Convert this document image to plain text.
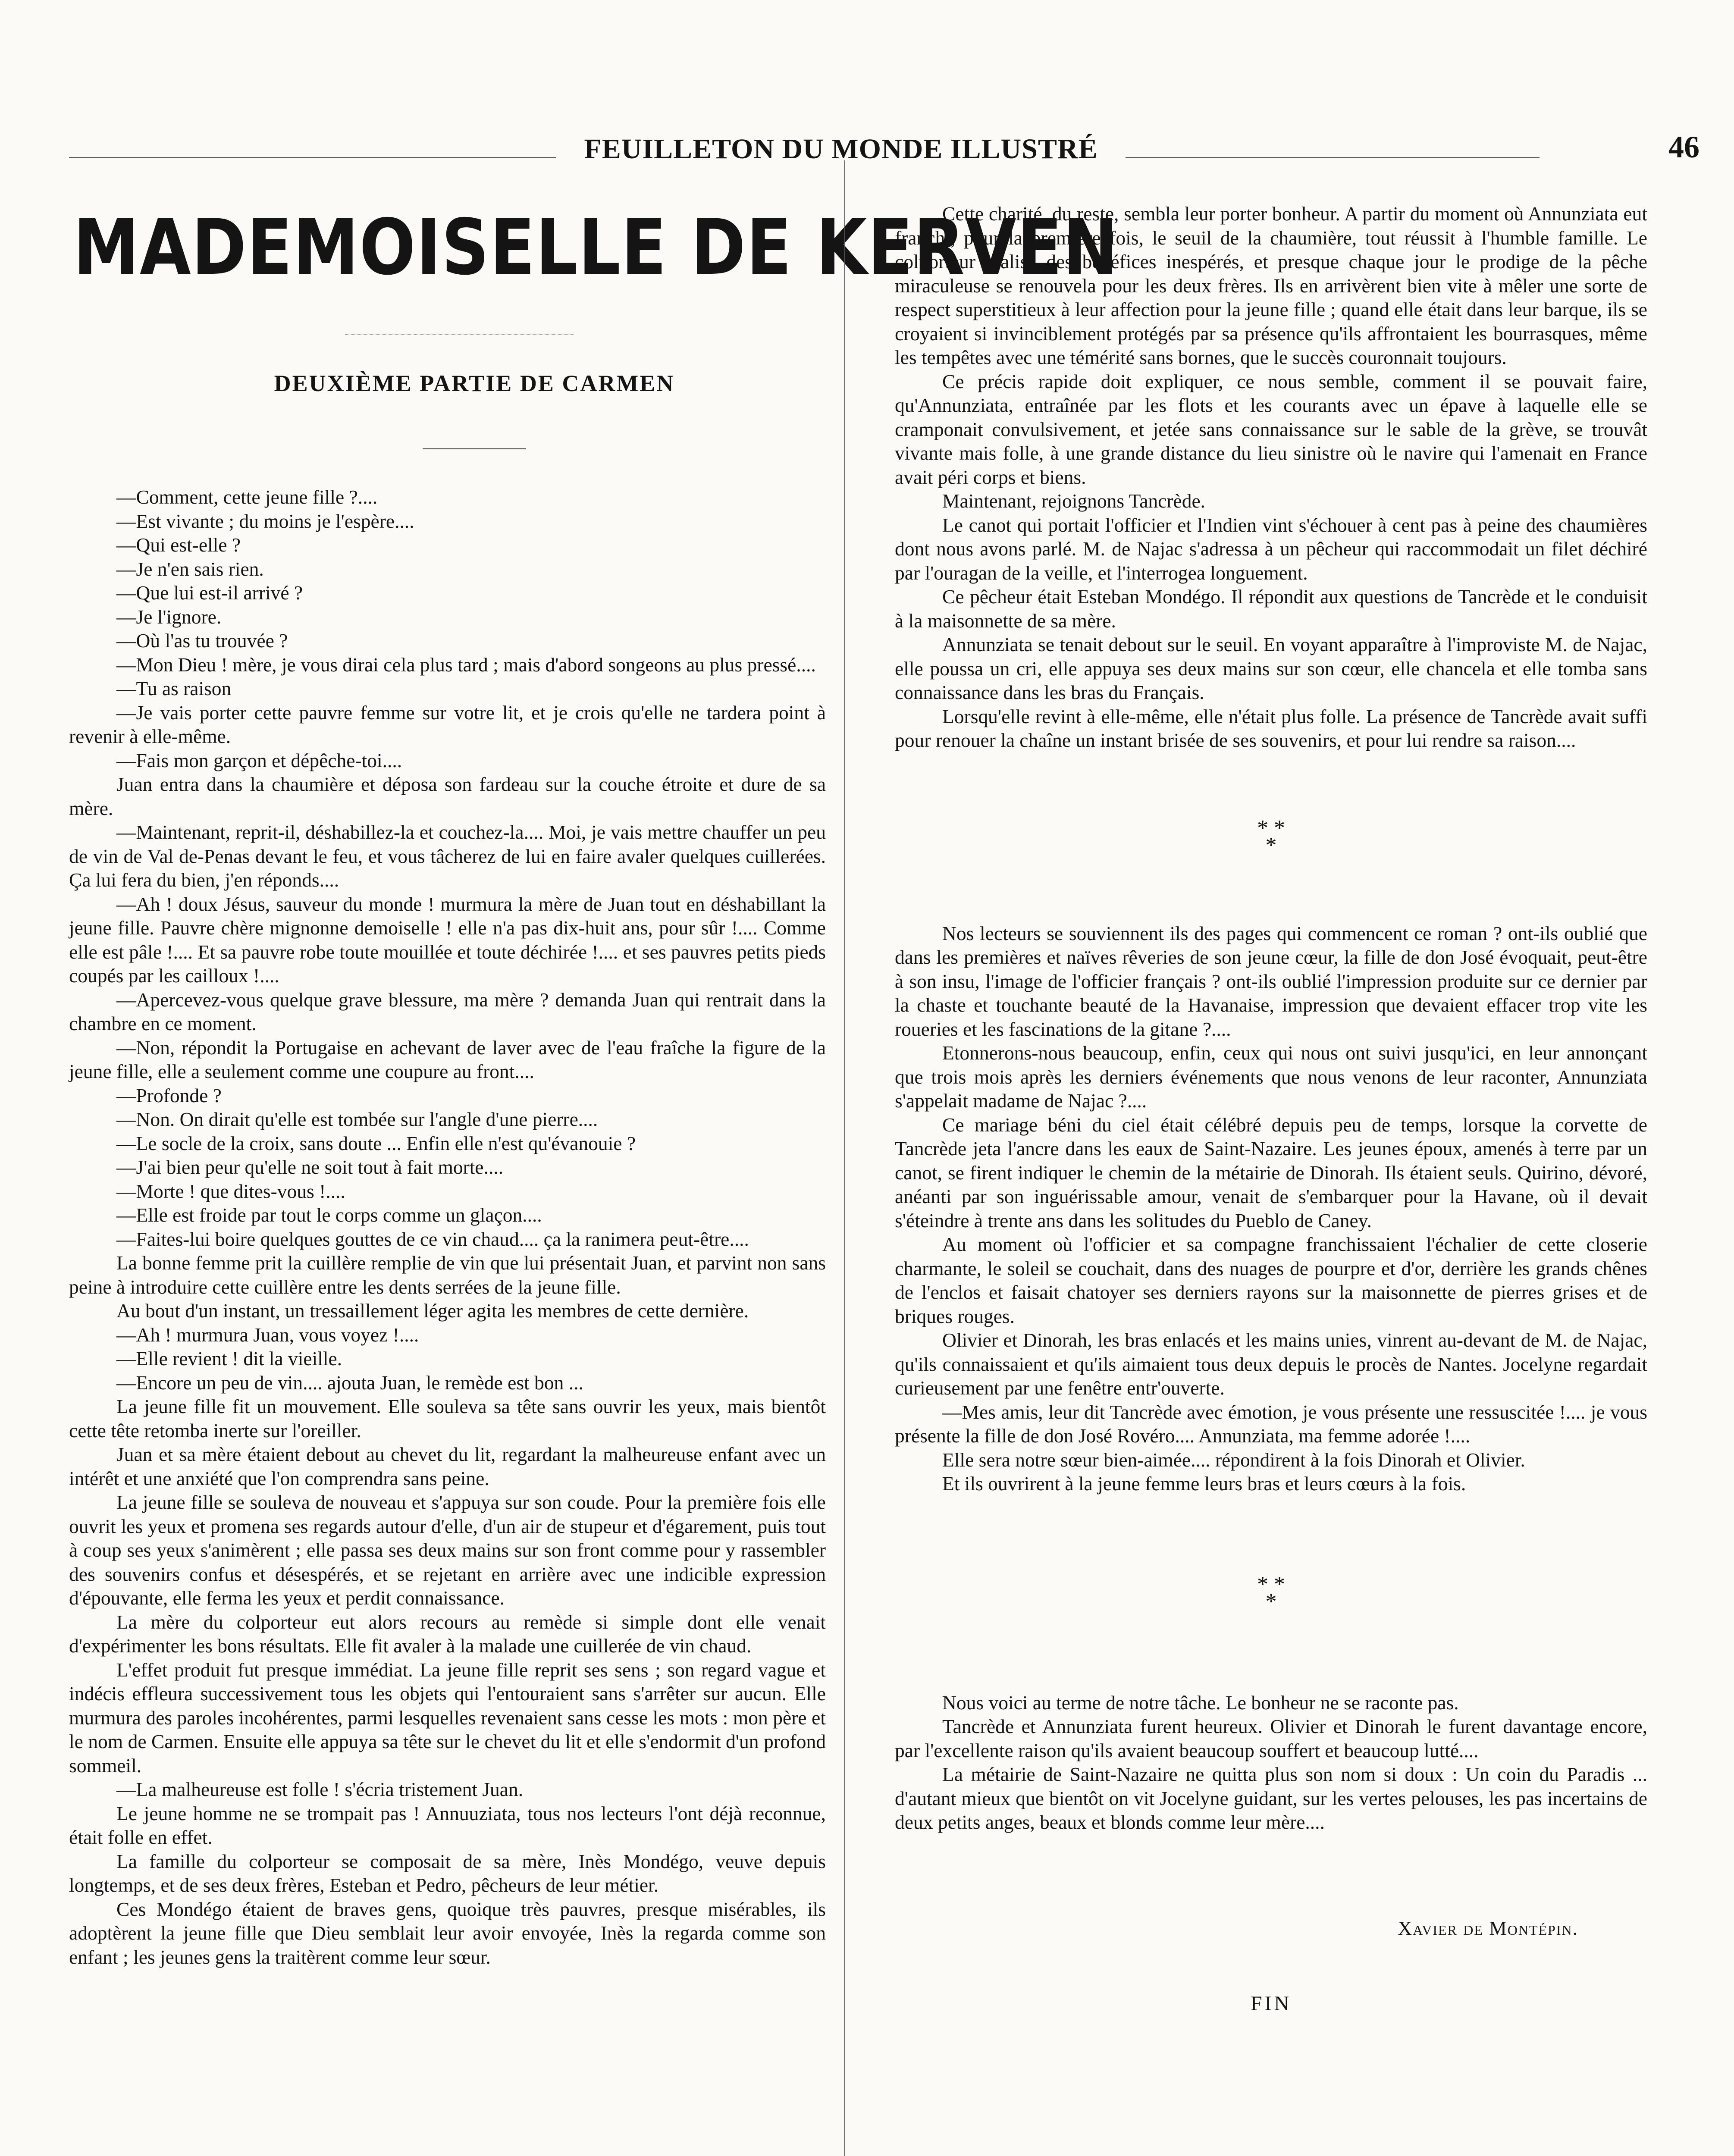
FEUILLETON DU MONDE ILLUSTRÉ	46
MADEMOISELLE DE KERVEN
DEUXIÈME PARTIE DE CARMEN

—Comment, cette jeune fille ?....

—Est vivante ; du moins je l'espère....

—Qui est-elle ?

—Je n'en sais rien.

—Que lui est-il arrivé ?

—Je l'ignore.

—Où l'as tu trouvée ?

—Mon Dieu ! mère, je vous dirai cela plus tard ; mais d'abord songeons au plus pressé....

—Tu as raison

—Je vais porter cette pauvre femme sur votre lit, et je crois qu'elle ne tardera point à revenir à elle-même.

—Fais mon garçon et dépêche-toi....

Juan entra dans la chaumière et déposa son fardeau sur la couche étroite et dure de sa mère.

—Maintenant, reprit-il, déshabillez-la et couchez-la.... Moi, je vais mettre chauffer un peu de vin de Val de-Penas devant le feu, et vous tâcherez de lui en faire avaler quelques cuillerées. Ça lui fera du bien, j'en réponds....

—Ah ! doux Jésus, sauveur du monde ! murmura la mère de Juan tout en déshabillant la jeune fille. Pauvre chère mignonne demoiselle ! elle n'a pas dix-huit ans, pour sûr !.... Comme elle est pâle !.... Et sa pauvre robe toute mouillée et toute déchirée !.... et ses pauvres petits pieds coupés par les cailloux !....

—Apercevez-vous quelque grave blessure, ma mère ? demanda Juan qui rentrait dans la chambre en ce moment.

—Non, répondit la Portugaise en achevant de laver avec de l'eau fraîche la figure de la jeune fille, elle a seulement comme une coupure au front....

—Profonde ?

—Non. On dirait qu'elle est tombée sur l'angle d'une pierre....

—Le socle de la croix, sans doute ... Enfin elle n'est qu'évanouie ?

—J'ai bien peur qu'elle ne soit tout à fait morte....

—Morte ! que dites-vous !....

—Elle est froide par tout le corps comme un glaçon....

—Faites-lui boire quelques gouttes de ce vin chaud.... ça la ranimera peut-être....

La bonne femme prit la cuillère remplie de vin que lui présentait Juan, et parvint non sans peine à introduire cette cuillère entre les dents serrées de la jeune fille.

Au bout d'un instant, un tressaillement léger agita les membres de cette dernière.

—Ah ! murmura Juan, vous voyez !....

—Elle revient ! dit la vieille.

—Encore un peu de vin.... ajouta Juan, le remède est bon ...

La jeune fille fit un mouvement. Elle souleva sa tête sans ouvrir les yeux, mais bientôt cette tête retomba inerte sur l'oreiller.

Juan et sa mère étaient debout au chevet du lit, regardant la malheureuse enfant avec un intérêt et une anxiété que l'on comprendra sans peine.

La jeune fille se souleva de nouveau et s'appuya sur son coude. Pour la première fois elle ouvrit les yeux et promena ses regards autour d'elle, d'un air de stupeur et d'égarement, puis tout à coup ses yeux s'animèrent ; elle passa ses deux mains sur son front comme pour y rassembler des souvenirs confus et désespérés, et se rejetant en arrière avec une indicible expression d'épouvante, elle ferma les yeux et perdit connaissance.

La mère du colporteur eut alors recours au remède si simple dont elle venait d'expérimenter les bons résultats. Elle fit avaler à la malade une cuillerée de vin chaud.

L'effet produit fut presque immédiat. La jeune fille reprit ses sens ; son regard vague et indécis effleura successivement tous les objets qui l'entouraient sans s'arrêter sur aucun. Elle murmura des paroles incohérentes, parmi lesquelles revenaient sans cesse les mots : mon père et le nom de Carmen. Ensuite elle appuya sa tête sur le chevet du lit et elle s'endormit d'un profond sommeil.

—La malheureuse est folle ! s'écria tristement Juan.

Le jeune homme ne se trompait pas ! Annuuziata, tous nos lecteurs l'ont déjà reconnue, était folle en effet.

La famille du colporteur se composait de sa mère, Inès Mondégo, veuve depuis longtemps, et de ses deux frères, Esteban et Pedro, pêcheurs de leur métier.

Ces Mondégo étaient de braves gens, quoique très pauvres, presque misérables, ils adoptèrent la jeune fille que Dieu semblait leur avoir envoyée, Inès la regarda comme son enfant ; les jeunes gens la traitèrent comme leur sœur.

Cette charité, du reste, sembla leur porter bonheur. A partir du moment où Annunziata eut franchi, pour la première fois, le seuil de la chaumière, tout réussit à l'humble famille. Le colporteur réalisa des bénéfices inespérés, et presque chaque jour le prodige de la pêche miraculeuse se renouvela pour les deux frères. Ils en arrivèrent bien vite à mêler une sorte de respect superstitieux à leur affection pour la jeune fille ; quand elle était dans leur barque, ils se croyaient si invinciblement protégés par sa présence qu'ils affrontaient les bourrasques, même les tempêtes avec une témérité sans bornes, que le succès couronnait toujours.

Ce précis rapide doit expliquer, ce nous semble, comment il se pouvait faire, qu'Annunziata, entraînée par les flots et les courants avec un épave à laquelle elle se cramponait convulsivement, et jetée sans connaissance sur le sable de la grève, se trouvât vivante mais folle, à une grande distance du lieu sinistre où le navire qui l'amenait en France avait péri corps et biens.

Maintenant, rejoignons Tancrède.

Le canot qui portait l'officier et l'Indien vint s'échouer à cent pas à peine des chaumières dont nous avons parlé. M. de Najac s'adressa à un pêcheur qui raccommodait un filet déchiré par l'ouragan de la veille, et l'interrogea longuement.

Ce pêcheur était Esteban Mondégo. Il répondit aux questions de Tancrède et le conduisit à la maisonnette de sa mère.

Annunziata se tenait debout sur le seuil. En voyant apparaître à l'improviste M. de Najac, elle poussa un cri, elle appuya ses deux mains sur son cœur, elle chancela et elle tomba sans connaissance dans les bras du Français.

Lorsqu'elle revint à elle-même, elle n'était plus folle. La présence de Tancrède avait suffi pour renouer la chaîne un instant brisée de ses souvenirs, et pour lui rendre sa raison....

* *
*

Nos lecteurs se souviennent ils des pages qui commencent ce roman ? ont-ils oublié que dans les premières et naïves rêveries de son jeune cœur, la fille de don José évoquait, peut-être à son insu, l'image de l'officier français ? ont-ils oublié l'impression produite sur ce dernier par la chaste et touchante beauté de la Havanaise, impression que devaient effacer trop vite les roueries et les fascinations de la gitane ?....

Etonnerons-nous beaucoup, enfin, ceux qui nous ont suivi jusqu'ici, en leur annonçant que trois mois après les derniers événements que nous venons de leur raconter, Annunziata s'appelait madame de Najac ?....

Ce mariage béni du ciel était célébré depuis peu de temps, lorsque la corvette de Tancrède jeta l'ancre dans les eaux de Saint-Nazaire. Les jeunes époux, amenés à terre par un canot, se firent indiquer le chemin de la métairie de Dinorah. Ils étaient seuls. Quirino, dévoré, anéanti par son inguérissable amour, venait de s'embarquer pour la Havane, où il devait s'éteindre à trente ans dans les solitudes du Pueblo de Caney.

Au moment où l'officier et sa compagne franchissaient l'échalier de cette closerie charmante, le soleil se couchait, dans des nuages de pourpre et d'or, derrière les grands chênes de l'enclos et faisait chatoyer ses derniers rayons sur la maisonnette de pierres grises et de briques rouges.

Olivier et Dinorah, les bras enlacés et les mains unies, vinrent au-devant de M. de Najac, qu'ils connaissaient et qu'ils aimaient tous deux depuis le procès de Nantes. Jocelyne regardait curieusement par une fenêtre entr'ouverte.

—Mes amis, leur dit Tancrède avec émotion, je vous présente une ressuscitée !.... je vous présente la fille de don José Rovéro.... Annunziata, ma femme adorée !....

Elle sera notre sœur bien-aimée.... répondirent à la fois Dinorah et Olivier.

Et ils ouvrirent à la jeune femme leurs bras et leurs cœurs à la fois.

* *
*

Nous voici au terme de notre tâche. Le bonheur ne se raconte pas.

Tancrède et Annunziata furent heureux. Olivier et Dinorah le furent davantage encore, par l'excellente raison qu'ils avaient beaucoup souffert et beaucoup lutté....

La métairie de Saint-Nazaire ne quitta plus son nom si doux : Un coin du Paradis ... d'autant mieux que bientôt on vit Jocelyne guidant, sur les vertes pelouses, les pas incertains de deux petits anges, beaux et blonds comme leur mère....

Xavier de Montépin.

FIN
